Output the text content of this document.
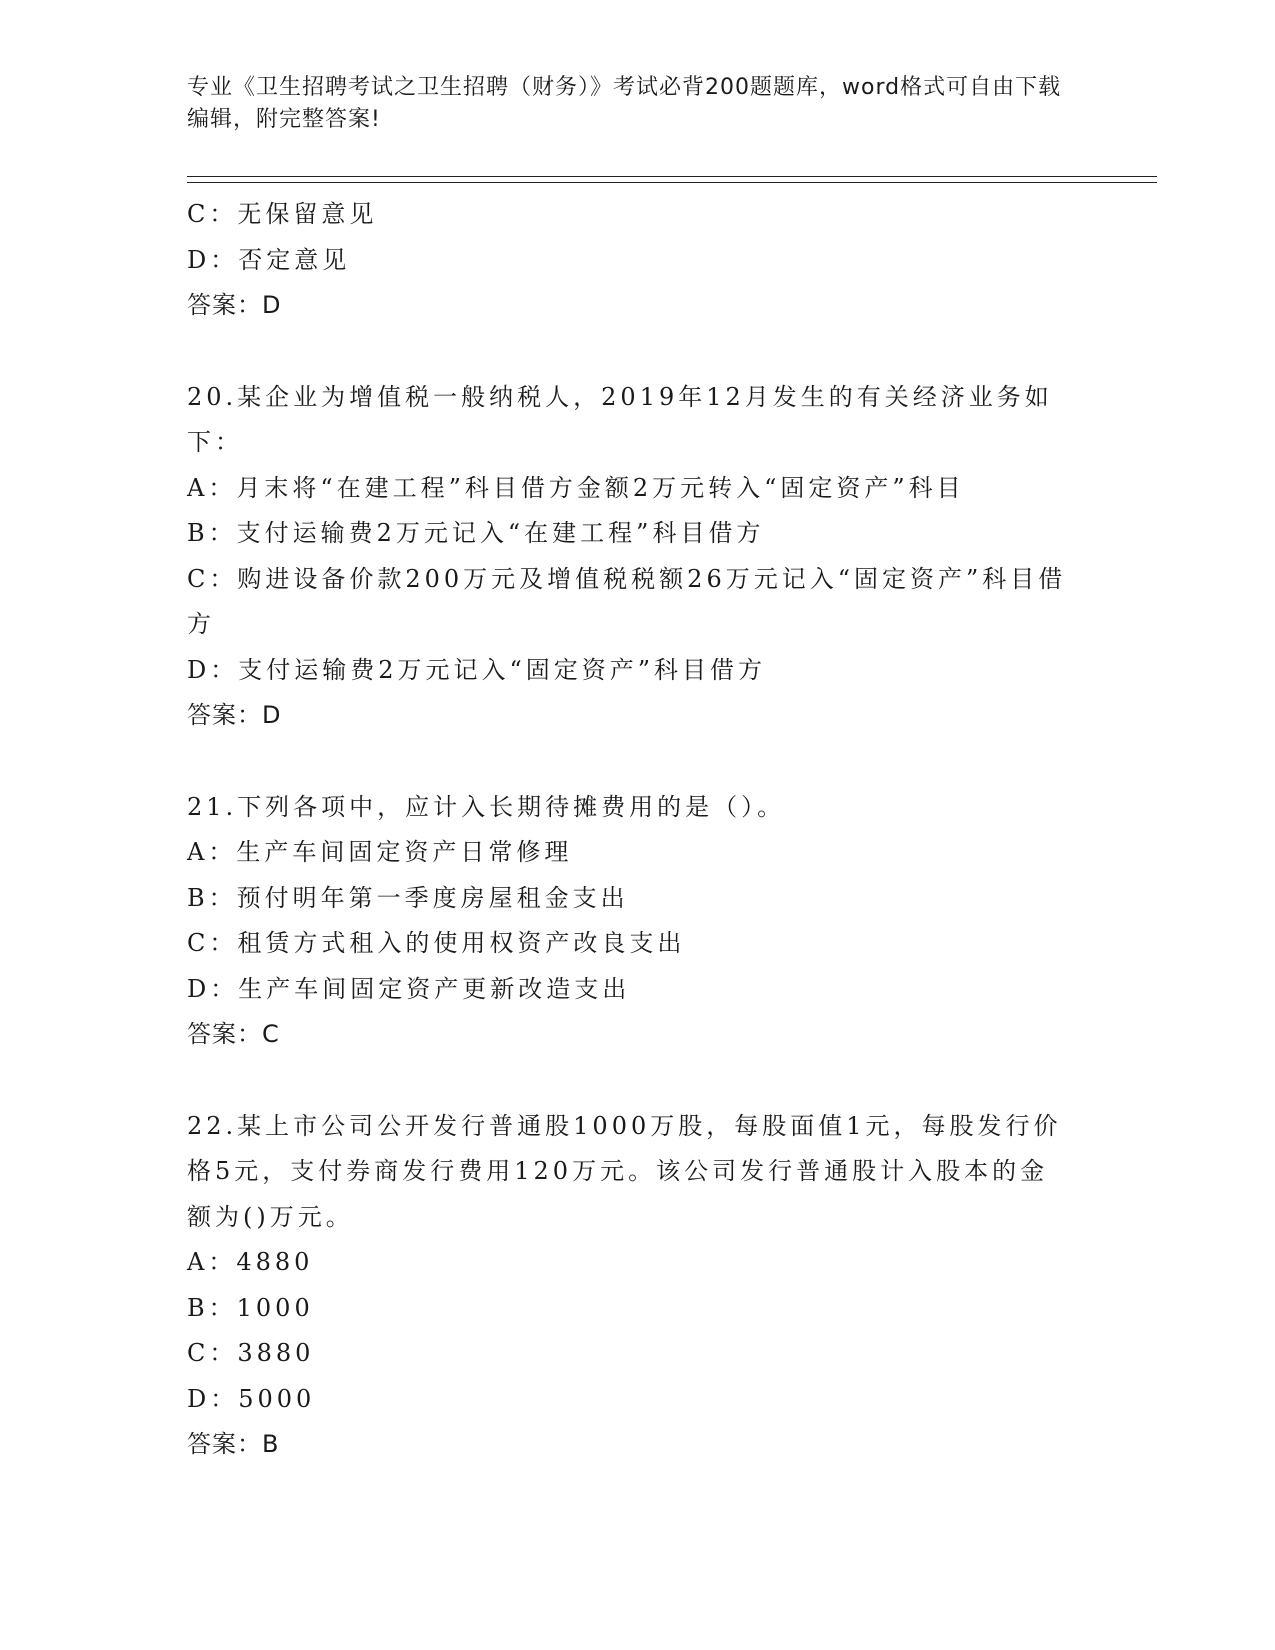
专业《卫生招聘考试之卫生招聘（财务）》考试必背200题题库，word格式可自由下载编辑，附完整答案!
C：无保留意见
D：否定意见
答案：D
20.某企业为增值税一般纳税人，2019年12月发生的有关经济业务如下：
A：月末将“在建工程”科目借方金额2万元转入“固定资产”科目
B：支付运输费2万元记入“在建工程”科目借方
C：购进设备价款200万元及增值税税额26万元记入“固定资产”科目借方
D：支付运输费2万元记入“固定资产”科目借方
答案：D
21.下列各项中，应计入长期待摊费用的是（）。
A：生产车间固定资产日常修理
B：预付明年第一季度房屋租金支出
C：租赁方式租入的使用权资产改良支出
D：生产车间固定资产更新改造支出
答案：C
22.某上市公司公开发行普通股1000万股，每股面值1元，每股发行价格5元，支付券商发行费用120万元。该公司发行普通股计入股本的金额为()万元。
A：4880
B：1000
C：3880
D：5000
答案：B
